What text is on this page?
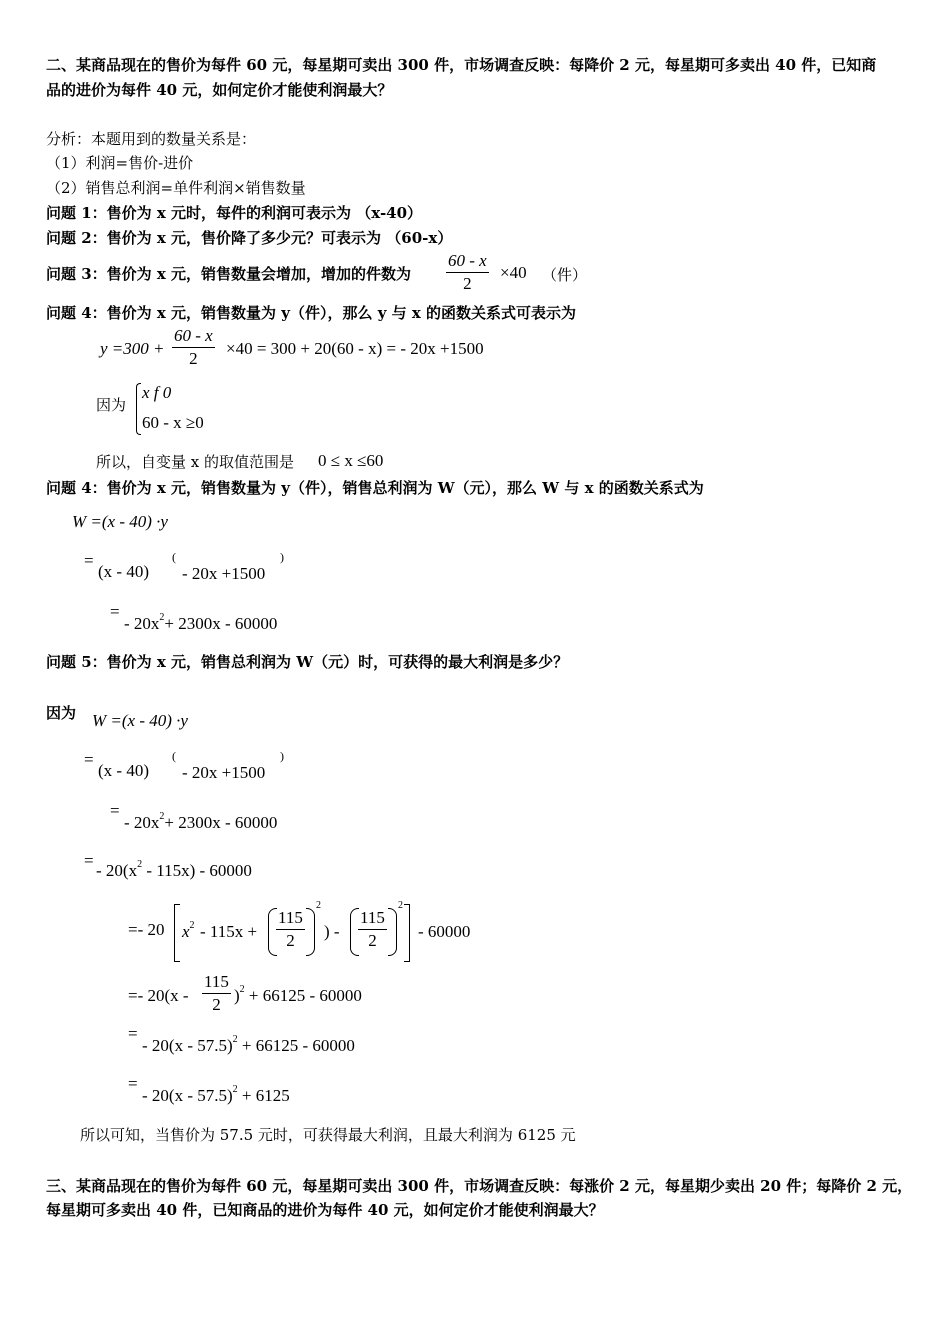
二、某商品现在的售价为每件 60 元，每星期可卖出 300 件，市场调查反映：每降价 2 元，每星期可多卖出 40 件，已知商
品的进价为每件 40 元，如何定价才能使利润最大？
分析：本题用到的数量关系是：
（1）利润=售价-进价
（2）销售总利润=单件利润×销售数量
问题 1：售价为 x 元时，每件的利润可表示为 （x-40）
问题 2：售价为 x 元，售价降了多少元？可表示为 （60-x）
问题 3：售价为 x 元，销售数量会增加，增加的件数为 $\frac{60 - x}{2} \times 40$ （件）
问题 4：售价为 x 元，销售数量为 y（件），那么 y 与 x 的函数关系式可表示为
$y =300 + \frac{60 - x}{2} \times 40 = 300 + 20(60 - x)$ = - 20x +1500
因为
x f 0
60 - x ≥0
所以，自变量 x 的取值范围是 0 ≤ x ≤60
问题 4：售价为 x 元，销售数量为 y（件），销售总利润为 W（元），那么 W 与 x 的函数关系式为
W =(x - 40) ·y
=
(x - 40)
(
- 20x +1500
)
=
- $20x^2+ 2300x - 60000$
问题 5：售价为 x 元，销售总利润为 W（元）时，可获得的最大利润是多少？
因为 W =(x - 40) ·y
=
(x - 40)
(
- 20x +1500
)
=
- $20x^2+ 2300x - 60000$
=
- $20(x^2 - 115x) - 60000$
=- 20 $x^2 - 115x + \frac{115}{2}$
2
) - $\frac{115}{2}$
2
- 60000
=- $20(x - \frac{115}{2} )^2 + 66125 - 60000$
=
- 20(x - 57.5)$^2$ + 66125 - 60000
=
- 20(x - 57.5)$^2$ + 6125
所以可知，当售价为 57.5 元时，可获得最大利润，且最大利润为 6125 元
三、某商品现在的售价为每件 60 元，每星期可卖出 300 件，市场调查反映：每涨价 2 元，每星期少卖出 20 件；每降价 2 元，
每星期可多卖出 40 件，已知商品的进价为每件 40 元，如何定价才能使利润最大？
